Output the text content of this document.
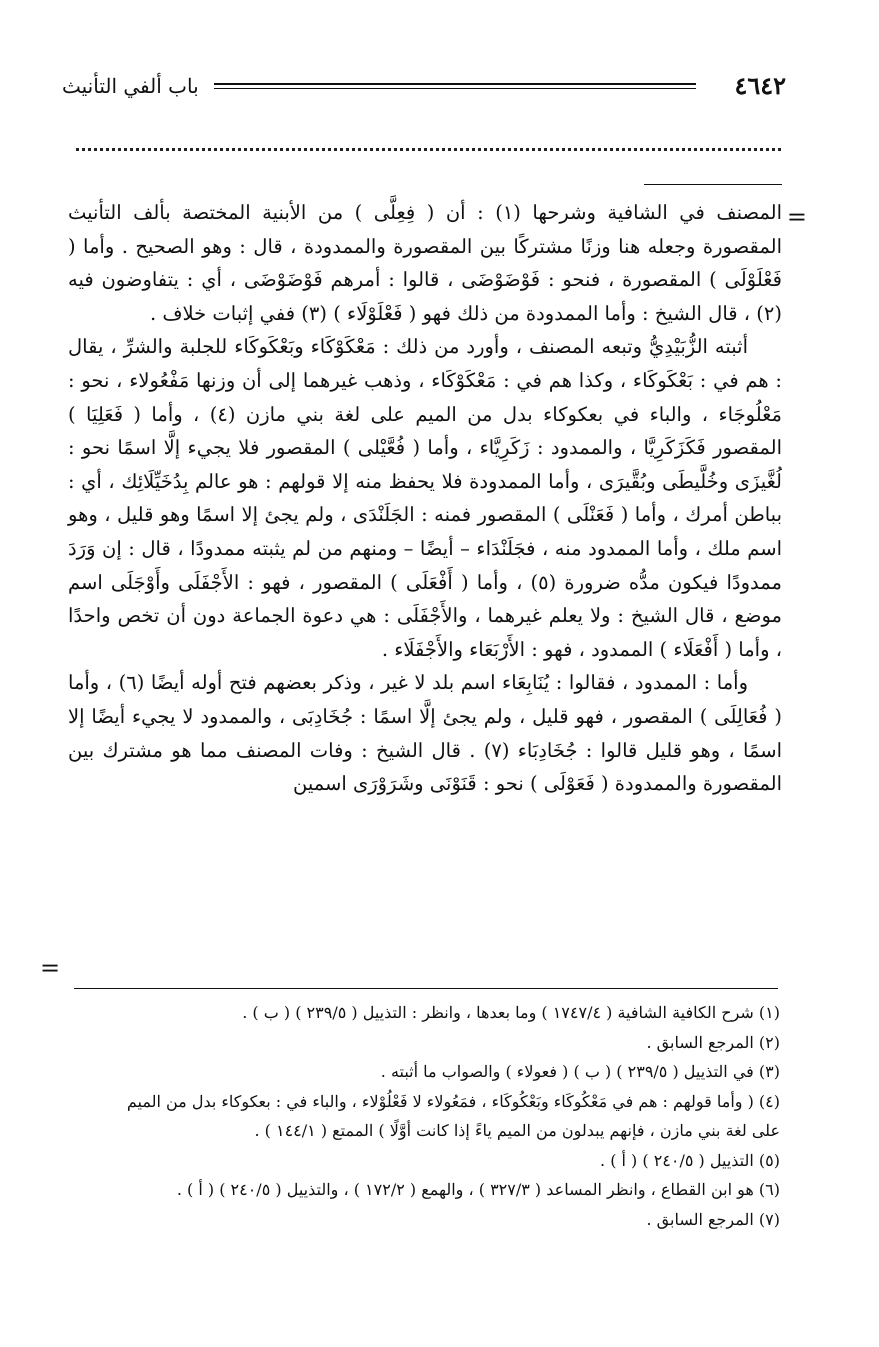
٤٦٤٢
باب ألفي التأنيث
=

المصنف في الشافية وشرحها (١) : أن ( فِعِلَّى ) من الأبنية المختصة بألف التأنيث المقصورة وجعله هنا وزنًا مشتركًا بين المقصورة والممدودة ، قال : وهو الصحيح . وأما ( فَعْلَوْلَى ) المقصورة ، فنحو : فَوْضَوْضَى ، قالوا : أمرهم فَوْضَوْضَى ، أي : يتفاوضون فيه (٢) ، قال الشيخ : وأما الممدودة من ذلك فهو ( فَعْلَوْلَاء ) (٣) ففي إثبات خلاف .

أثبته الزُّبَيْدِيُّ وتبعه المصنف ، وأورد من ذلك : مَعْكَوْكَاء وبَعْكَوكَاء للجلبة والشرِّ ، يقال : هم في : بَعْكَوكَاء ، وكذا هم في : مَعْكَوْكَاء ، وذهب غيرهما إلى أن وزنها مَفْعُولاء ، نحو : مَعْلُوجَاء ، والباء في بعكوكاء بدل من الميم على لغة بني مازن (٤) ، وأما ( فَعَلِيَا ) المقصور فَكَزَكَرِيَّا ، والممدود : زَكَرِيَّاء ، وأما ( فُعَّيْلى ) المقصور فلا يجيء إلَّا اسمًا نحو : لُغَّيزَى وخُلَّيطَى وبُقَّيرَى ، وأما الممدودة فلا يحفظ منه إلا قولهم : هو عالم بِدُخَيِّلَائِك ، أي : بباطن أمرك ، وأما ( فَعَنْلَى ) المقصور فمنه : الجَلَنْدَى ، ولم يجئ إلا اسمًا وهو قليل ، وهو اسم ملك ، وأما الممدود منه ، فجَلَنْدَاء – أيضًا – ومنهم من لم يثبته ممدودًا ، قال : إن وَرَدَ ممدودًا فيكون مدُّه ضرورة (٥) ، وأما ( أَفْعَلَى ) المقصور ، فهو : الأَجْفَلَى وأَوْجَلَى اسم موضع ، قال الشيخ : ولا يعلم غيرهما ، والأَجْفَلَى : هي دعوة الجماعة دون أن تخص واحدًا ، وأما ( أَفْعَلَاء ) الممدود ، فهو : الأَرْبَعَاء والأَجْفَلَاء .

وأما : الممدود ، فقالوا : يُنَابِعَاء اسم بلد لا غير ، وذكر بعضهم فتح أوله أيضًا (٦) ، وأما ( فُعَالِلَى ) المقصور ، فهو قليل ، ولم يجئ إلَّا اسمًا : جُخَادِبَى ، والممدود لا يجيء أيضًا إلا اسمًا ، وهو قليل قالوا : جُخَادِبَاء (٧) . قال الشيخ : وفات المصنف مما هو مشترك بين المقصورة والممدودة ( فَعَوْلَى ) نحو : قَنَوْنَى وشَرَوْرَى اسمين

=

(١) شرح الكافية الشافية ( ١٧٤٧/٤ ) وما بعدها ، وانظر : التذييل ( ٢٣٩/٥ ) ( ب ) .

(٢) المرجع السابق .

(٣) في التذييل ( ٢٣٩/٥ ) ( ب ) ( فعولاء ) والصواب ما أثبته .

(٤) ( وأما قولهم : هم في مَعْكُوكَاء وبَعْكُوكَاء ، فمَعُولاء لا فَعْلُوْلاء ، والباء في : بعكوكاء بدل من الميم

على لغة بني مازن ، فإنهم يبدلون من الميم ياءً إذا كانت أوَّلًا ) الممتع ( ١٤٤/١ ) .

(٥) التذييل ( ٢٤٠/٥ ) ( أ ) .

(٦) هو ابن القطاع ، وانظر المساعد ( ٣٢٧/٣ ) ، والهمع ( ١٧٢/٢ ) ، والتذييل ( ٢٤٠/٥ ) ( أ ) .

(٧) المرجع السابق .
